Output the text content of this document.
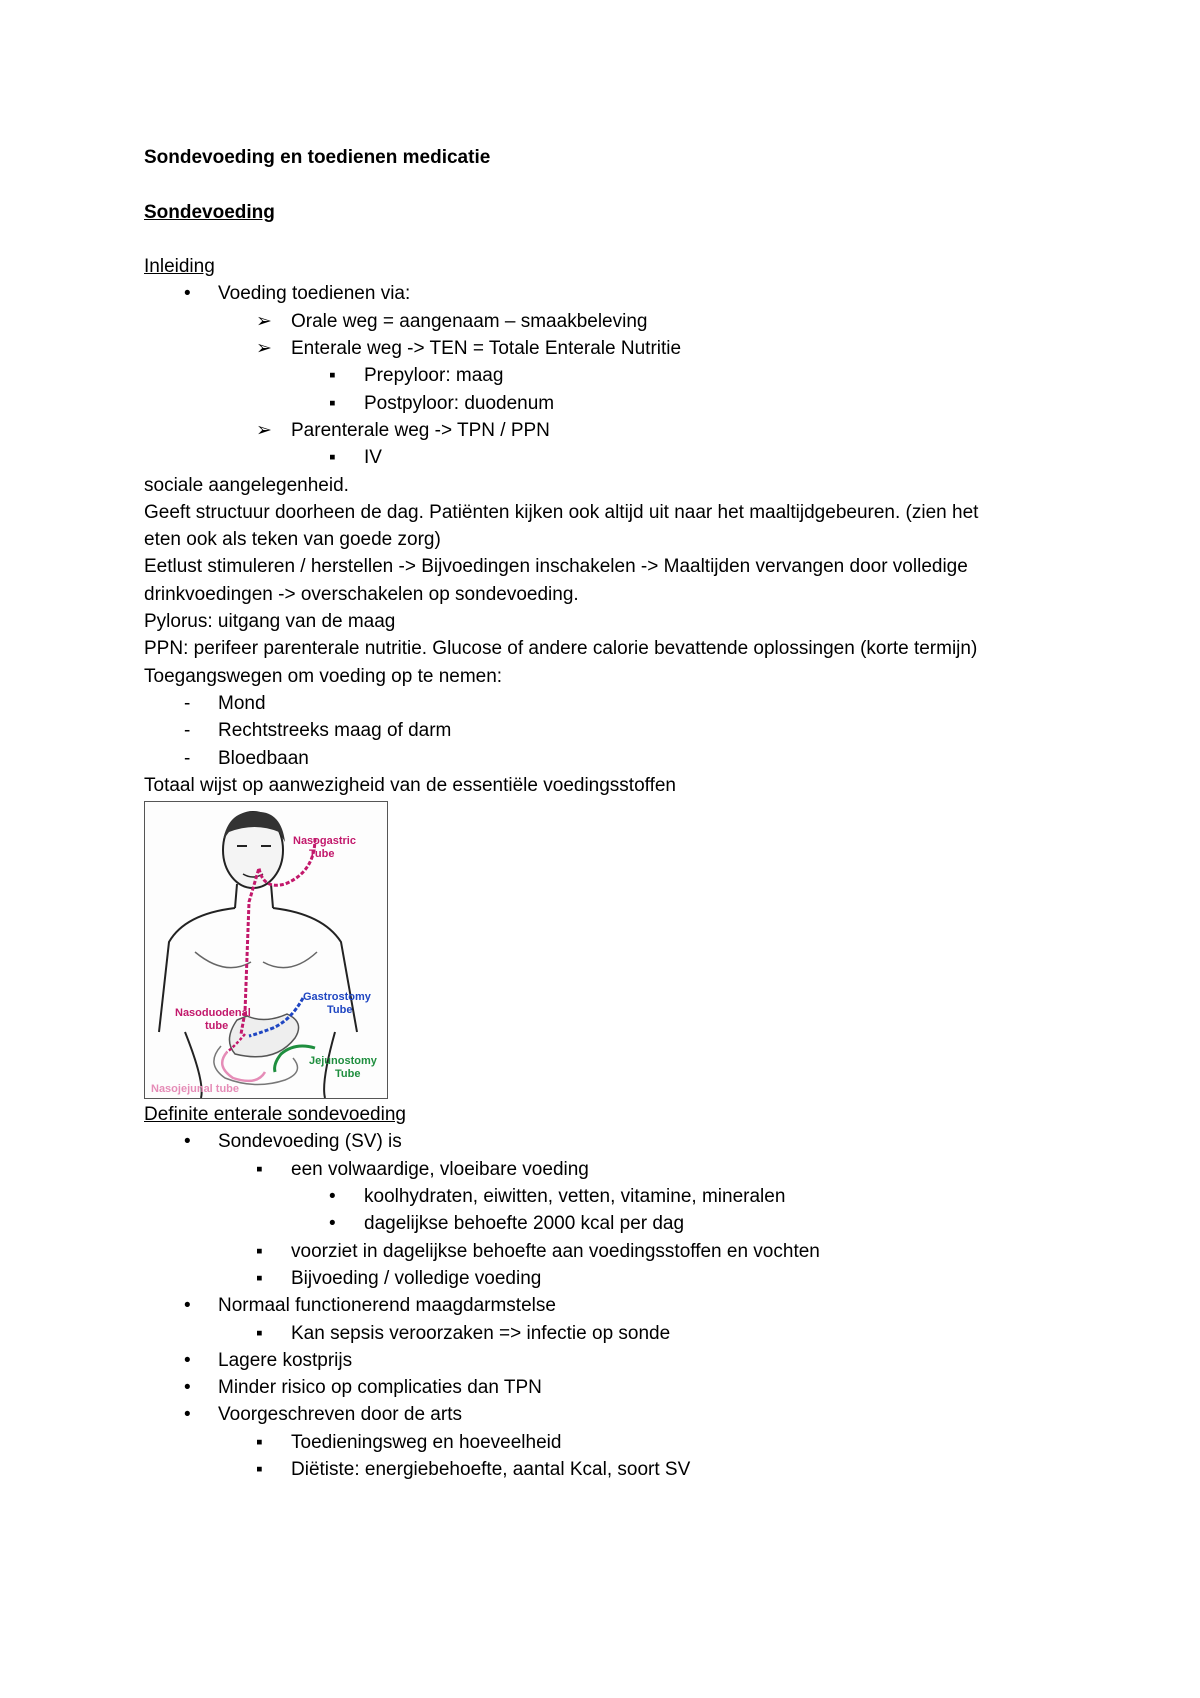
Sondevoeding en toedienen medicatie
Sondevoeding
Inleiding
•
Voeding toedienen via:
➢
Orale weg = aangenaam – smaakbeleving
➢
Enterale weg -> TEN = Totale Enterale Nutritie
▪
Prepyloor: maag
▪
Postpyloor: duodenum
➢
Parenterale weg -> TPN / PPN
▪
IV
sociale aangelegenheid.
Geeft structuur doorheen de dag. Patiënten kijken ook altijd uit naar het maaltijdgebeuren. (zien het
eten ook als teken van goede zorg)
Eetlust stimuleren / herstellen -> Bijvoedingen inschakelen -> Maaltijden vervangen door volledige
drinkvoedingen -> overschakelen op sondevoeding.
Pylorus: uitgang van de maag
PPN: perifeer parenterale nutritie. Glucose of andere calorie bevattende oplossingen (korte termijn)
Toegangswegen om voeding op te nemen:
-
Mond
-
Rechtstreeks maag of darm
-
Bloedbaan
Totaal wijst op aanwezigheid van de essentiële voedingsstoffen
Nasogastric
Tube
Gastrostomy
Tube
Nasoduodenal
tube
Jejunostomy
Tube
Nasojejunal tube
Definite enterale sondevoeding
•
Sondevoeding (SV) is
▪
een volwaardige, vloeibare voeding
•
koolhydraten, eiwitten, vetten, vitamine, mineralen
•
dagelijkse behoefte 2000 kcal per dag
▪
voorziet in dagelijkse behoefte aan voedingsstoffen en vochten
▪
Bijvoeding / volledige voeding
•
Normaal functionerend maagdarmstelse
▪
Kan sepsis veroorzaken => infectie op sonde
•
Lagere kostprijs
•
Minder risico op complicaties dan TPN
•
Voorgeschreven door de arts
▪
Toedieningsweg en hoeveelheid
▪
Diëtiste: energiebehoefte, aantal Kcal, soort SV
